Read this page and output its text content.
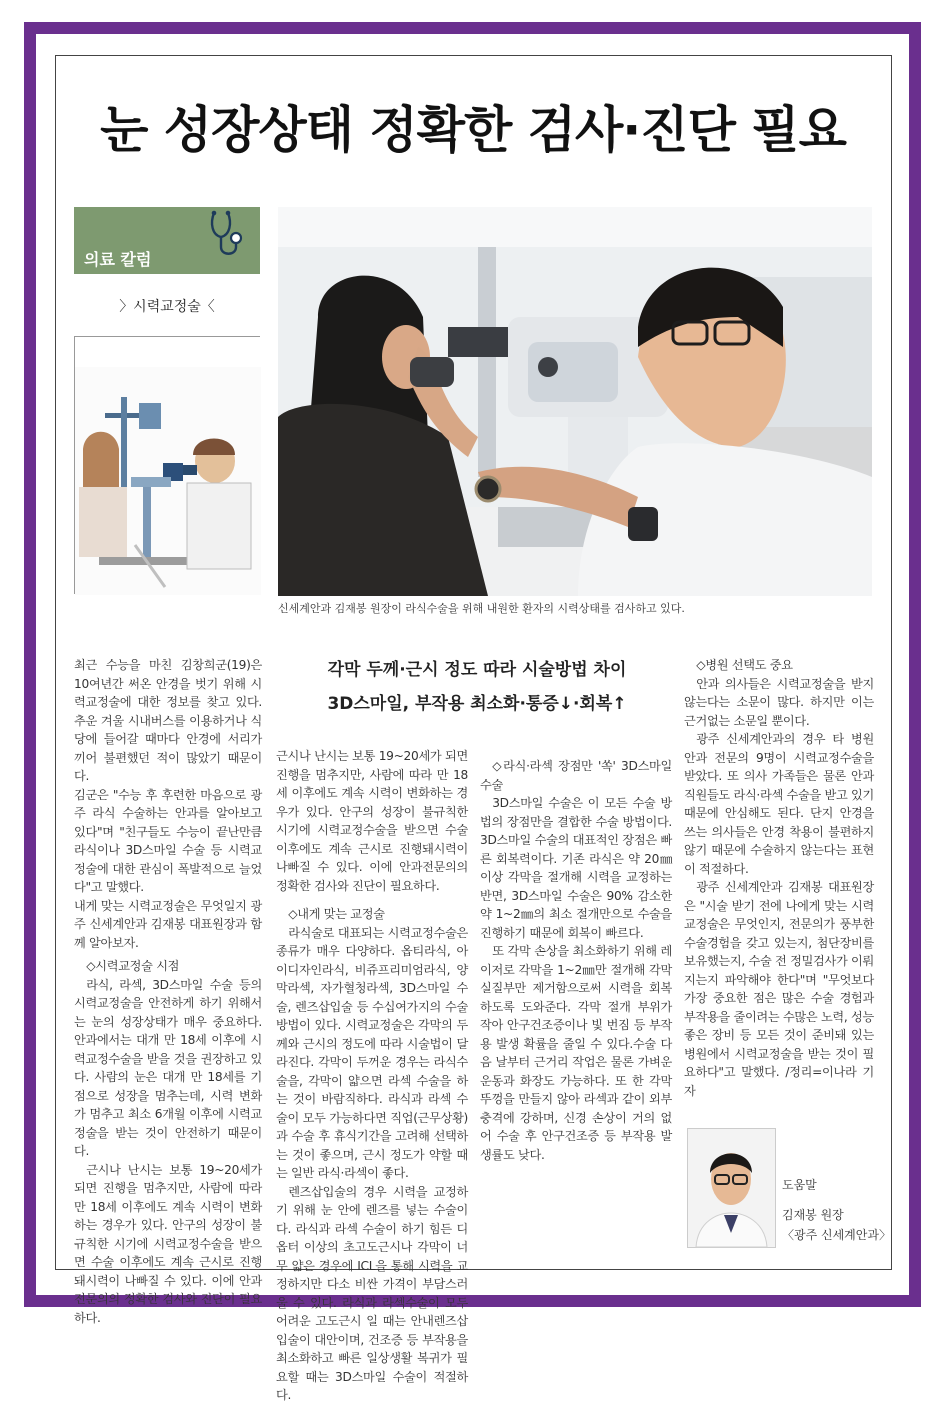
눈 성장상태 정확한 검사·진단 필요
의료 칼럼
〉시력교정술〈
신세계안과 김재봉 원장이 라식수술을 위해 내원한 환자의 시력상태를 검사하고 있다.
각막 두께·근시 정도 따라 시술방법 차이
3D스마일, 부작용 최소화·통증↓·회복↑

최근 수능을 마친 김창희군(19)은 10여년간 써온 안경을 벗기 위해 시력교정술에 대한 정보를 찾고 있다. 추운 겨울 시내버스를 이용하거나 식당에 들어갈 때마다 안경에 서리가 끼어 불편했던 적이 많았기 때문이다.

김군은 "수능 후 후련한 마음으로 광주 라식 수술하는 안과를 알아보고 있다"며 "친구들도 수능이 끝난만큼 라식이나 3D스마일 수술 등 시력교정술에 대한 관심이 폭발적으로 늘었다"고 말했다.

내게 맞는 시력교정술은 무엇일지 광주 신세계안과 김재봉 대표원장과 함께 알아보자.

◇시력교정술 시점

라식, 라섹, 3D스마일 수술 등의 시력교정술을 안전하게 하기 위해서는 눈의 성장상태가 매우 중요하다. 안과에서는 대개 만 18세 이후에 시력교정수술을 받을 것을 권장하고 있다. 사람의 눈은 대개 만 18세를 기점으로 성장을 멈추는데, 시력 변화가 멈추고 최소 6개월 이후에 시력교정술을 받는 것이 안전하기 때문이다.

근시나 난시는 보통 19~20세가 되면 진행을 멈추지만, 사람에 따라 만 18세 이후에도 계속 시력이 변화하는 경우가 있다. 안구의 성장이 불규칙한 시기에 시력교정수술을 받으면 수술 이후에도 계속 근시로 진행돼시력이 나빠질 수 있다. 이에 안과전문의의 정확한 검사와 진단이 필요하다.

근시나 난시는 보통 19~20세가 되면 진행을 멈추지만, 사람에 따라 만 18세 이후에도 계속 시력이 변화하는 경우가 있다. 안구의 성장이 불규칙한 시기에 시력교정수술을 받으면 수술 이후에도 계속 근시로 진행돼시력이 나빠질 수 있다. 이에 안과전문의의 정확한 검사와 진단이 필요하다.

◇내게 맞는 교정술

라식술로 대표되는 시력교정수술은 종류가 매우 다양하다. 옵티라식, 아이디자인라식, 비쥬프리미엄라식, 양막라섹, 자가혈청라섹, 3D스마일 수술, 렌즈삽입술 등 수십여가지의 수술 방법이 있다. 시력교정술은 각막의 두께와 근시의 정도에 따라 시술법이 달라진다. 각막이 두꺼운 경우는 라식수술을, 각막이 얇으면 라섹 수술을 하는 것이 바람직하다. 라식과 라섹 수술이 모두 가능하다면 직업(근무상황)과 수술 후 휴식기간을 고려해 선택하는 것이 좋으며, 근시 정도가 약할 때는 일반 라식·라섹이 좋다.

렌즈삽입술의 경우 시력을 교정하기 위해 눈 안에 렌즈를 넣는 수술이다. 라식과 라섹 수술이 하기 힘든 디옵터 이상의 초고도근시나 각막이 너무 얇은 경우에 ICL을 통해 시력을 교정하지만 다소 비싼 가격이 부담스러울 수 있다. 라식과 라섹수술이 모두 어려운 고도근시 일 때는 안내렌즈삽입술이 대안이며, 건조증 등 부작용을 최소화하고 빠른 일상생활 복귀가 필요할 때는 3D스마일 수술이 적절하다.

◇라식·라섹 장점만 '쏙' 3D스마일 수술

3D스마일 수술은 이 모든 수술 방법의 장점만을 결합한 수술 방법이다. 3D스마일 수술의 대표적인 장점은 빠른 회복력이다. 기존 라식은 약 20㎜ 이상 각막을 절개해 시력을 교정하는 반면, 3D스마일 수술은 90% 감소한 약 1~2㎜의 최소 절개만으로 수술을 진행하기 때문에 회복이 빠르다.

또 각막 손상을 최소화하기 위해 레이저로 각막을 1~2㎜만 절개해 각막 실질부만 제거함으로써 시력을 회복하도록 도와준다. 각막 절개 부위가 작아 안구건조증이나 빛 번짐 등 부작용 발생 확률을 줄일 수 있다.수술 다음 날부터 근거리 작업은 물론 가벼운 운동과 화장도 가능하다. 또 한 각막뚜껑을 만들지 않아 라섹과 같이 외부 충격에 강하며, 신경 손상이 거의 없어 수술 후 안구건조증 등 부작용 발생률도 낮다.

◇병원 선택도 중요

안과 의사들은 시력교정술을 받지 않는다는 소문이 많다. 하지만 이는 근거없는 소문일 뿐이다.

광주 신세계안과의 경우 타 병원 안과 전문의 9명이 시력교정수술을 받았다. 또 의사 가족들은 물론 안과 직원들도 라식·라섹 수술을 받고 있기 때문에 안심해도 된다. 단지 안경을 쓰는 의사들은 안경 착용이 불편하지 않기 때문에 수술하지 않는다는 표현이 적절하다.

광주 신세계안과 김재봉 대표원장은 "시술 받기 전에 나에게 맞는 시력교정술은 무엇인지, 전문의가 풍부한 수술경험을 갖고 있는지, 첨단장비를 보유했는지, 수술 전 정밀검사가 이뤄지는지 파악해야 한다"며 "무엇보다 가장 중요한 점은 많은 수술 경험과 부작용을 줄이려는 수많은 노력, 성능 좋은 장비 등 모든 것이 준비돼 있는 병원에서 시력교정술을 받는 것이 필요하다"고 말했다. /정리=이나라 기자

도움말
김재봉 원장
〈광주 신세계안과〉
